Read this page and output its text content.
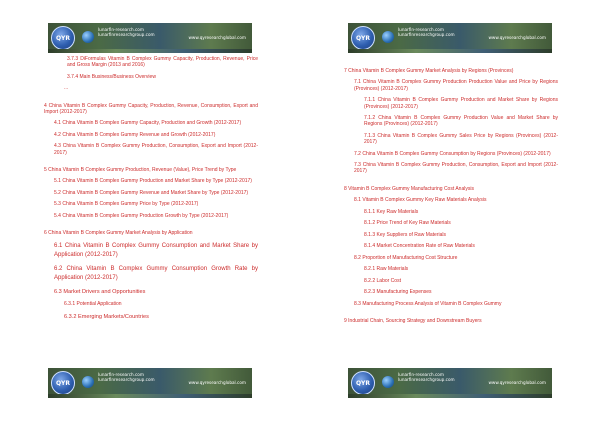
QYR
lunarfin-research.com
lunarfinresearchgroup.com
www.qyresearchglobal.com
3.7.3 DiFormulas Vitamin B Complex Gummy Capacity, Production, Revenue, Price and Gross Margin (2013 and 2016)
3.7.4 Main Business/Business Overview
...
4 China Vitamin B Complex Gummy Capacity, Production, Revenue, Consumption, Export and Import (2012-2017)
4.1 China Vitamin B Complex Gummy Capacity, Production and Growth (2012-2017)
4.2 China Vitamin B Complex Gummy Revenue and Growth (2012-2017)
4.3 China Vitamin B Complex Gummy Production, Consumption, Export and Import (2012-2017)
5 China Vitamin B Complex Gummy Production, Revenue (Value), Price Trend by Type
5.1 China Vitamin B Complex Gummy Production and Market Share by Type (2012-2017)
5.2 China Vitamin B Complex Gummy Revenue and Market Share by Type (2012-2017)
5.3 China Vitamin B Complex Gummy Price by Type (2012-2017)
5.4 China Vitamin B Complex Gummy Production Growth by Type (2012-2017)
6 China Vitamin B Complex Gummy Market Analysis by Application
6.1 China Vitamin B Complex Gummy Consumption and Market Share by Application (2012-2017)
6.2 China Vitamin B Complex Gummy Consumption Growth Rate by Application (2012-2017)
6.3 Market Drivers and Opportunities
6.3.1 Potential Application
6.3.2 Emerging Markets/Countries
QYR
lunarfin-research.com
lunarfinresearchgroup.com
www.qyresearchglobal.com
QYR
lunarfin-research.com
lunarfinresearchgroup.com
www.qyresearchglobal.com
7 China Vitamin B Complex Gummy Market Analysis by Regions (Provinces)
7.1 China Vitamin B Complex Gummy Production Production Value and Price by Regions (Provinces) (2012-2017)
7.1.1 China Vitamin B Complex Gummy Production and Market Share by Regions (Provinces) (2012-2017)
7.1.2 China Vitamin B Complex Gummy Production Value and Market Share by Regions (Provinces) (2012-2017)
7.1.3 China Vitamin B Complex Gummy Sales Price by Regions (Provinces) (2012-2017)
7.2 China Vitamin B Complex Gummy Consumption by Regions (Provinces) (2012-2017)
7.3 China Vitamin B Complex Gummy Production, Consumption, Export and Import (2012-2017)
8 Vitamin B Complex Gummy Manufacturing Cost Analysis
8.1 Vitamin B Complex Gummy Key Raw Materials Analysis
8.1.1 Key Raw Materials
8.1.2 Price Trend of Key Raw Materials
8.1.3 Key Suppliers of Raw Materials
8.1.4 Market Concentration Rate of Raw Materials
8.2 Proportion of Manufacturing Cost Structure
8.2.1 Raw Materials
8.2.2 Labor Cost
8.2.3 Manufacturing Expenses
8.3 Manufacturing Process Analysis of Vitamin B Complex Gummy
9 Industrial Chain, Sourcing Strategy and Downstream Buyers
QYR
lunarfin-research.com
lunarfinresearchgroup.com
www.qyresearchglobal.com
